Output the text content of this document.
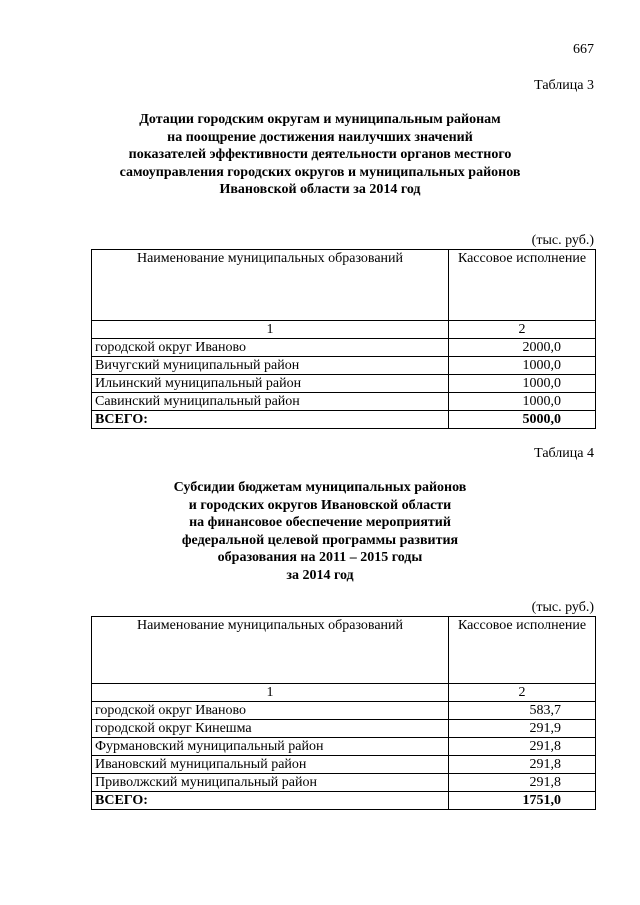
667
Таблица 3
Дотации городским округам и муниципальным районам
на поощрение достижения наилучших значений
показателей эффективности деятельности органов местного
самоуправления городских округов и муниципальных районов
Ивановской области за 2014 год
(тыс. руб.)
Наименование муниципальных образований	Кассовое исполнение
1	2
городской округ Иваново	2000,0
Вичугский муниципальный район	1000,0
Ильинский муниципальный район	1000,0
Савинский муниципальный район	1000,0
ВСЕГО:	5000,0
Таблица 4
Субсидии бюджетам муниципальных районов
и городских округов Ивановской области
на финансовое обеспечение мероприятий
федеральной целевой программы развития
образования на 2011 – 2015 годы
за 2014 год
(тыс. руб.)
Наименование муниципальных образований	Кассовое исполнение
1	2
городской округ Иваново	583,7
городской округ Кинешма	291,9
Фурмановский муниципальный район	291,8
Ивановский муниципальный район	291,8
Приволжский муниципальный район	291,8
ВСЕГО:	1751,0
